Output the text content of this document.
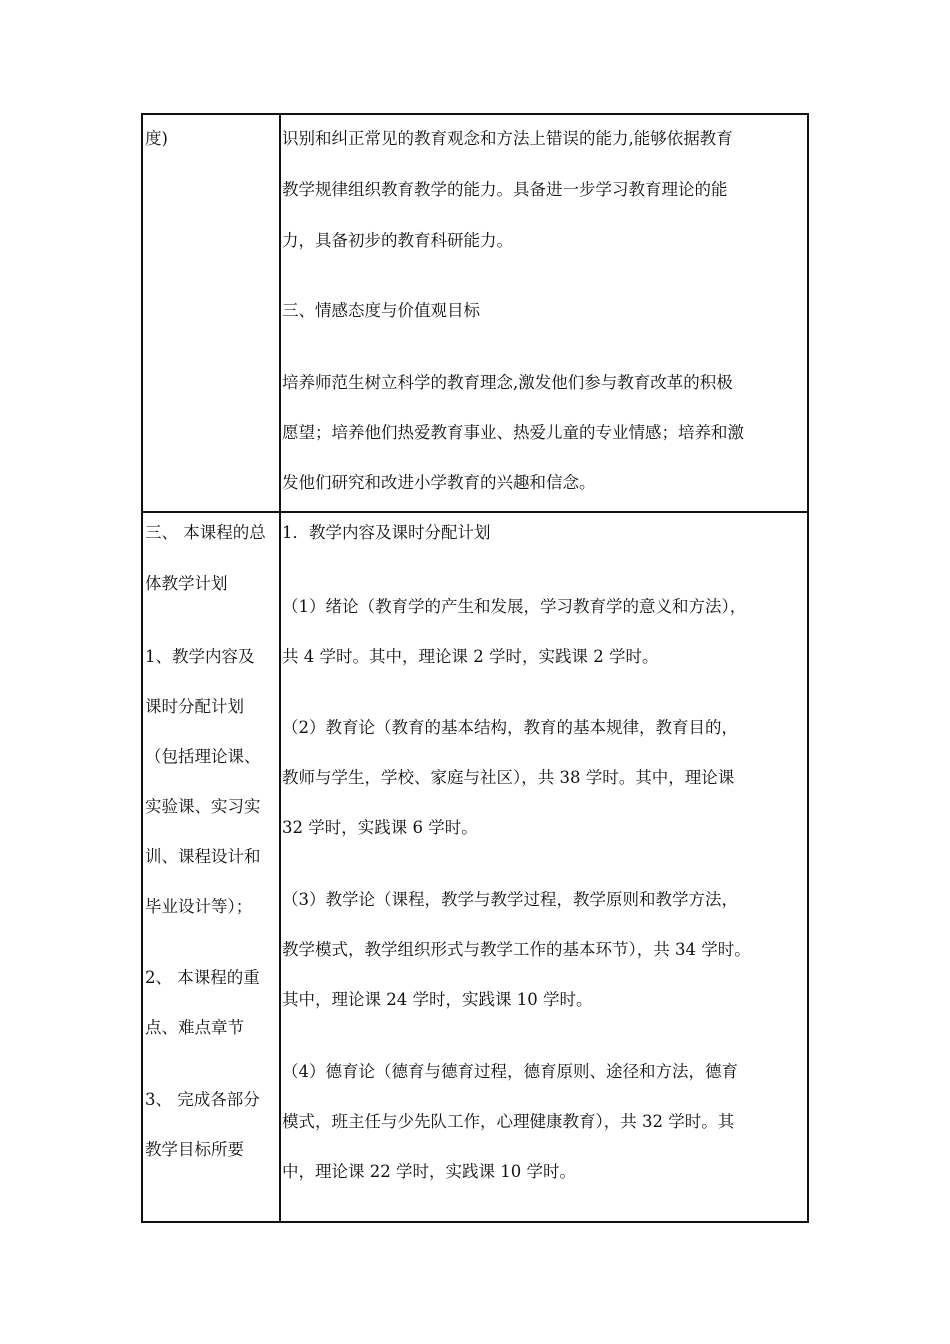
度)	识别和纠正常见的教育观念和方法上错误的能力,能够依据教育
教学规律组织教育教学的能力。具备进一步学习教育理论的能
力，具备初步的教育科研能力。
三、情感态度与价值观目标
培养师范生树立科学的教育理念,激发他们参与教育改革的积极
愿望；培养他们热爱教育事业、热爱儿童的专业情感；培养和激
发他们研究和改进小学教育的兴趣和信念。
三、 本课程的总
体教学计划
1、教学内容及
课时分配计划
（包括理论课、
实验课、实习实
训、课程设计和
毕业设计等）；
2、 本课程的重
点、难点章节
3、 完成各部分
教学目标所要
1．教学内容及课时分配计划
（1）绪论（教育学的产生和发展，学习教育学的意义和方法），
共 4 学时。其中，理论课 2 学时，实践课 2 学时。
（2）教育论（教育的基本结构，教育的基本规律，教育目的，
教师与学生，学校、家庭与社区），共 38 学时。其中，理论课
32 学时，实践课 6 学时。
（3）教学论（课程，教学与教学过程，教学原则和教学方法，
教学模式，教学组织形式与教学工作的基本环节），共 34 学时。
其中，理论课 24 学时，实践课 10 学时。
（4）德育论（德育与德育过程，德育原则、途径和方法，德育
模式，班主任与少先队工作，心理健康教育），共 32 学时。其
中，理论课 22 学时，实践课 10 学时。
